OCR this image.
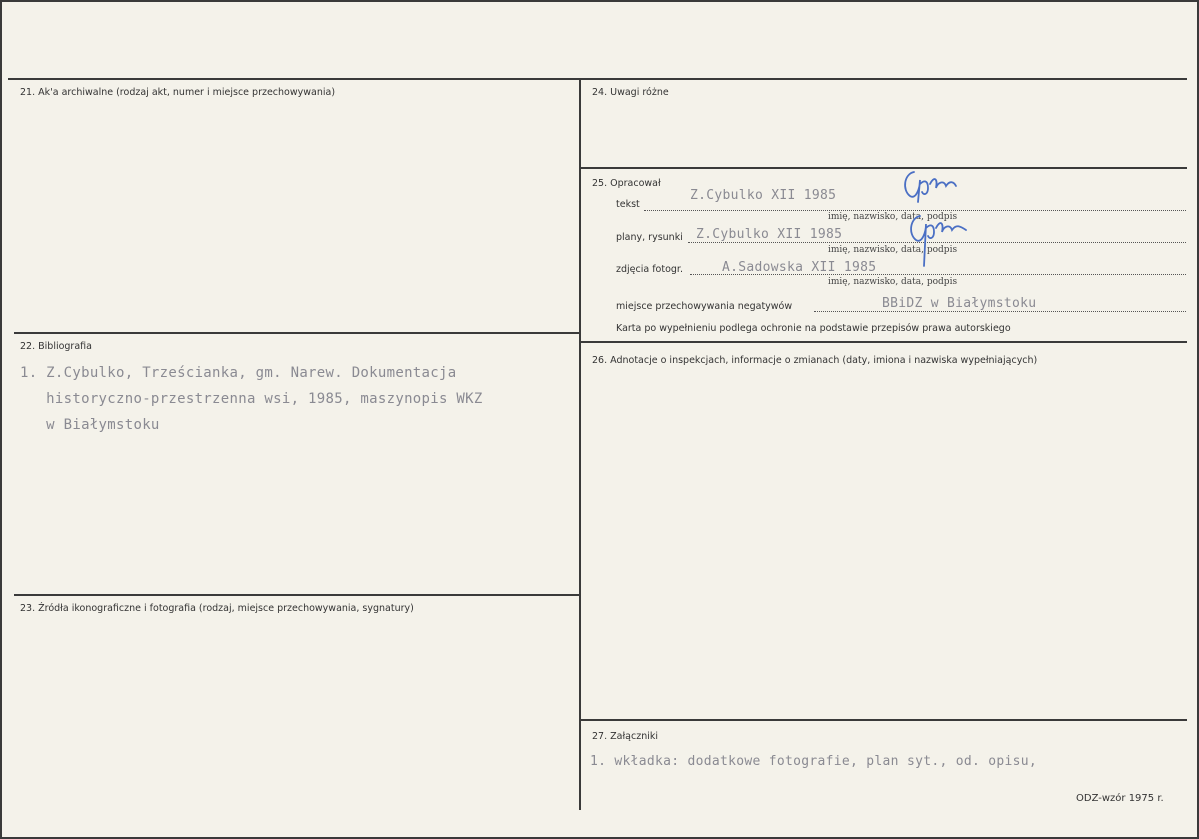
21. Ak'a archiwalne (rodzaj akt, numer i miejsce przechowywania)
22. Bibliografia
23. Źródła ikonograficzne i fotografia (rodzaj, miejsce przechowywania, sygnatury)
24. Uwagi różne
25. Opracował
26. Adnotacje o inspekcjach, informacje o zmianach (daty, imiona i nazwiska wypełniających)
27. Załączniki
1. Z.Cybulko, Trześcianka, gm. Narew. Dokumentacja
historyczno-przestrzenna wsi, 1985, maszynopis WKZ
w Białymstoku
tekst
Z.Cybulko XII 1985
imię, nazwisko, data, podpis
plany, rysunki Z.Cybulko XII 1985
imię, nazwisko, data, podpis
zdjęcia fotogr.	A.Sadowska XII 1985
imię, nazwisko, data, podpis
miejsce przechowywania negatywów	BBiDZ w Białymstoku
Karta po wypełnieniu podlega ochronie na podstawie przepisów prawa autorskiego
1. wkładka: dodatkowe fotografie, plan syt., od. opisu,
ODZ-wzór 1975 r.
